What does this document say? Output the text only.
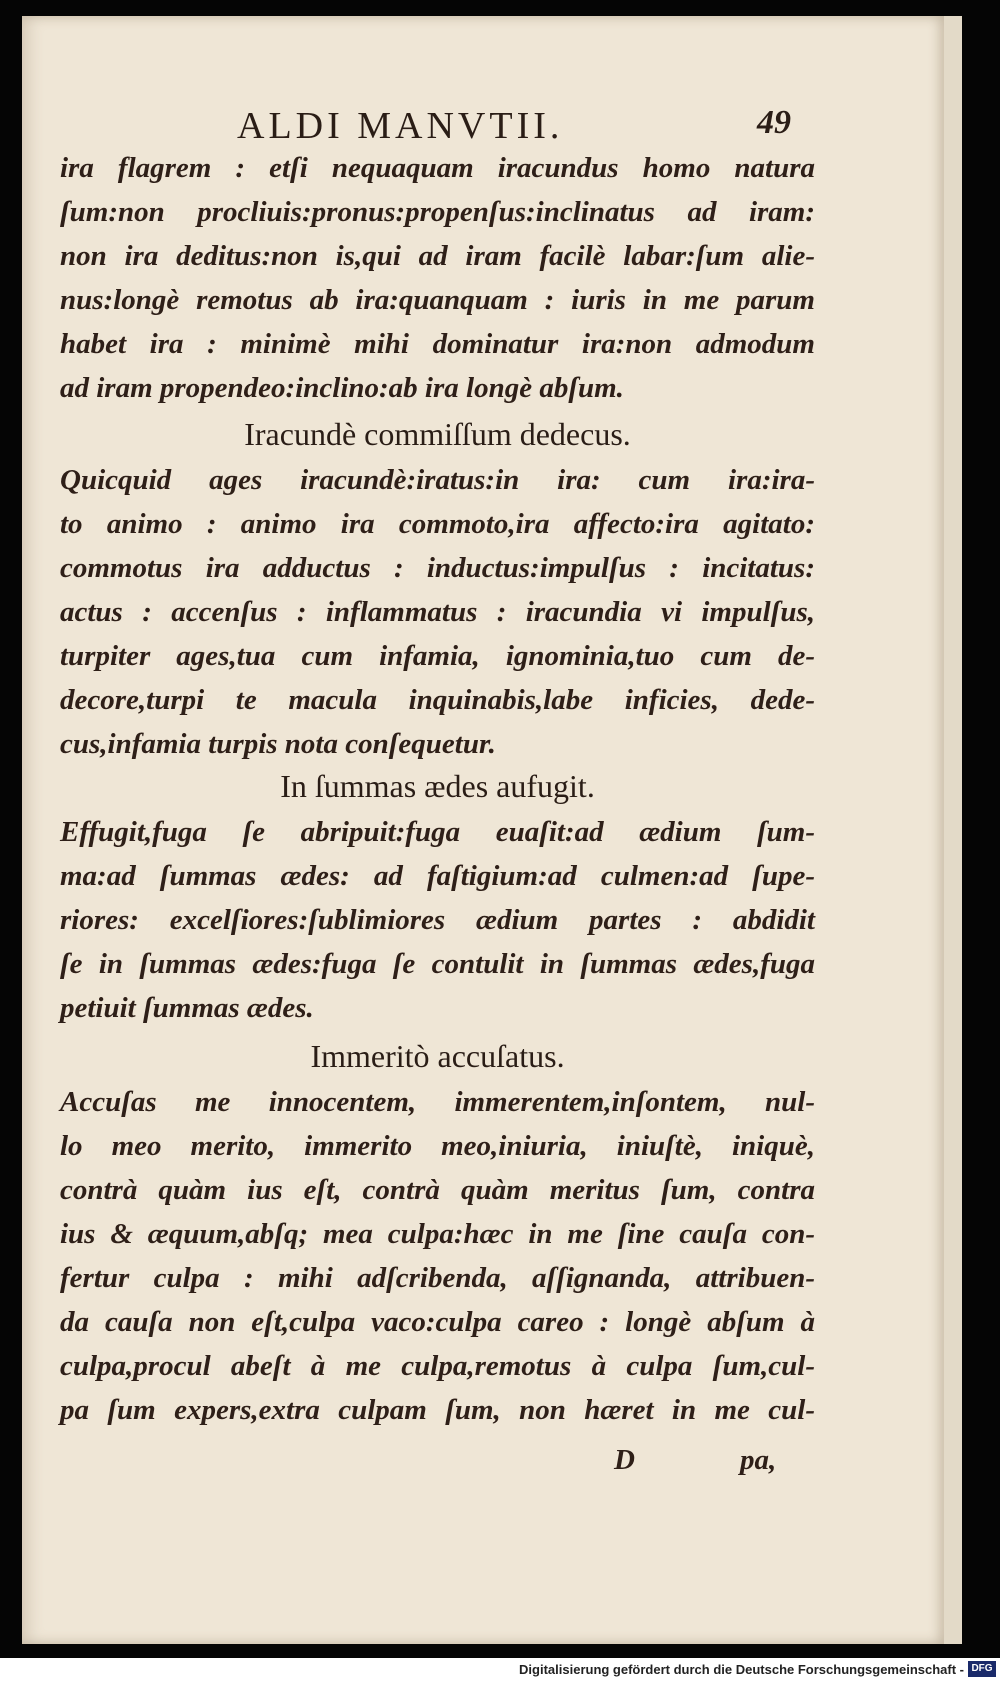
ALDI MANVTII.	49
ira flagrem : etſi nequaquam iracundus homo natura
ſum:non procliuis:pronus:propenſus:inclinatus ad iram:
non ira deditus:non is,qui ad iram facilè labar:ſum alie-
nus:longè remotus ab ira:quanquam : iuris in me parum
habet ira : minimè mihi dominatur ira:non admodum
ad iram propendeo:inclino:ab ira longè abſum.
Iracundè commiſſum dedecus.
Quicquid ages iracundè:iratus:in ira: cum ira:ira-
to animo : animo ira commoto,ira affecto:ira agitato:
commotus ira adductus : inductus:impulſus : incitatus:
actus : accenſus : inflammatus : iracundia vi impulſus,
turpiter ages,tua cum infamia, ignominia,tuo cum de-
decore,turpi te macula inquinabis,labe inficies, dede-
cus,infamia turpis nota conſequetur.
In ſummas ædes aufugit.
Effugit,fuga ſe abripuit:fuga euaſit:ad ædium ſum-
ma:ad ſummas ædes: ad faſtigium:ad culmen:ad ſupe-
riores: excelſiores:ſublimiores ædium partes : abdidit
ſe in ſummas ædes:fuga ſe contulit in ſummas ædes,fuga
petiuit ſummas ædes.
Immeritò accuſatus.
Accuſas me innocentem, immerentem,inſontem, nul-
lo meo merito, immerito meo,iniuria, iniuſtè, iniquè,
contrà quàm ius eſt, contrà quàm meritus ſum, contra
ius & æquum,abſq; mea culpa:hæc in me ſine cauſa con-
fertur culpa : mihi adſcribenda, aſſignanda, attribuen-
da cauſa non eſt,culpa vaco:culpa careo : longè abſum à
culpa,procul abeſt à me culpa,remotus à culpa ſum,cul-
pa ſum expers,extra culpam ſum, non hæret in me cul-
D	pa,
Digitalisierung gefördert durch die Deutsche Forschungsgemeinschaft - DFG
